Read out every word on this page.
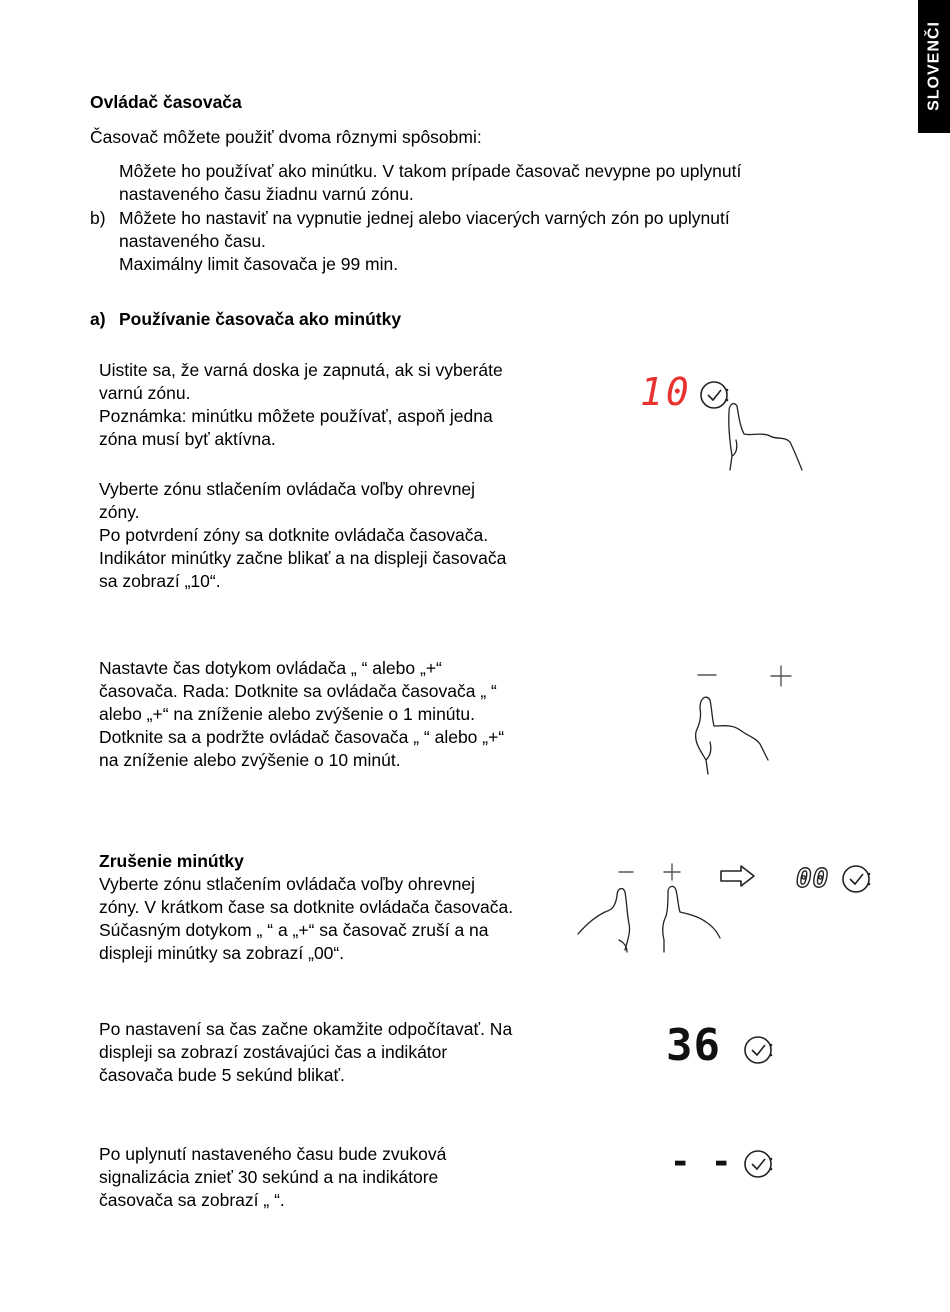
SLOVENČI
Ovládač časovača
Časovač môžete použiť dvoma rôznymi spôsobmi:
Môžete ho používať ako minútku. V takom prípade časovač nevypne po uplynutí
nastaveného času žiadnu varnú zónu.
b) Môžete ho nastaviť na vypnutie jednej alebo viacerých varných zón po uplynutí
nastaveného času.
Maximálny limit časovača je 99 min.
a) Používanie časovača ako minútky
Uistite sa, že varná doska je zapnutá, ak si vyberáte
varnú zónu.
Poznámka: minútku môžete používať, aspoň jedna
zóna musí byť aktívna.
Vyberte zónu stlačením ovládača voľby ohrevnej
zóny.
Po potvrdení zóny sa dotknite ovládača časovača.
Indikátor minútky začne blikať a na displeji časovača
sa zobrazí „10“.
Nastavte čas dotykom ovládača „ “ alebo „+“
časovača. Rada: Dotknite sa ovládača časovača „ “
alebo „+“ na zníženie alebo zvýšenie o 1 minútu.
Dotknite sa a podržte ovládač časovača „ “ alebo „+“
na zníženie alebo zvýšenie o 10 minút.
Zrušenie minútky
Vyberte zónu stlačením ovládača voľby ohrevnej
zóny. V krátkom čase sa dotknite ovládača časovača.
Súčasným dotykom „ “ a „+“ sa časovač zruší a na
displeji minútky sa zobrazí „00“.
Po nastavení sa čas začne okamžite odpočítavať. Na
displeji sa zobrazí zostávajúci čas a indikátor
časovača bude 5 sekúnd blikať.
Po uplynutí nastaveného času bude zvuková
signalizácia znieť 30 sekúnd a na indikátore
časovača sa zobrazí „ “.
10
00
36
- -
